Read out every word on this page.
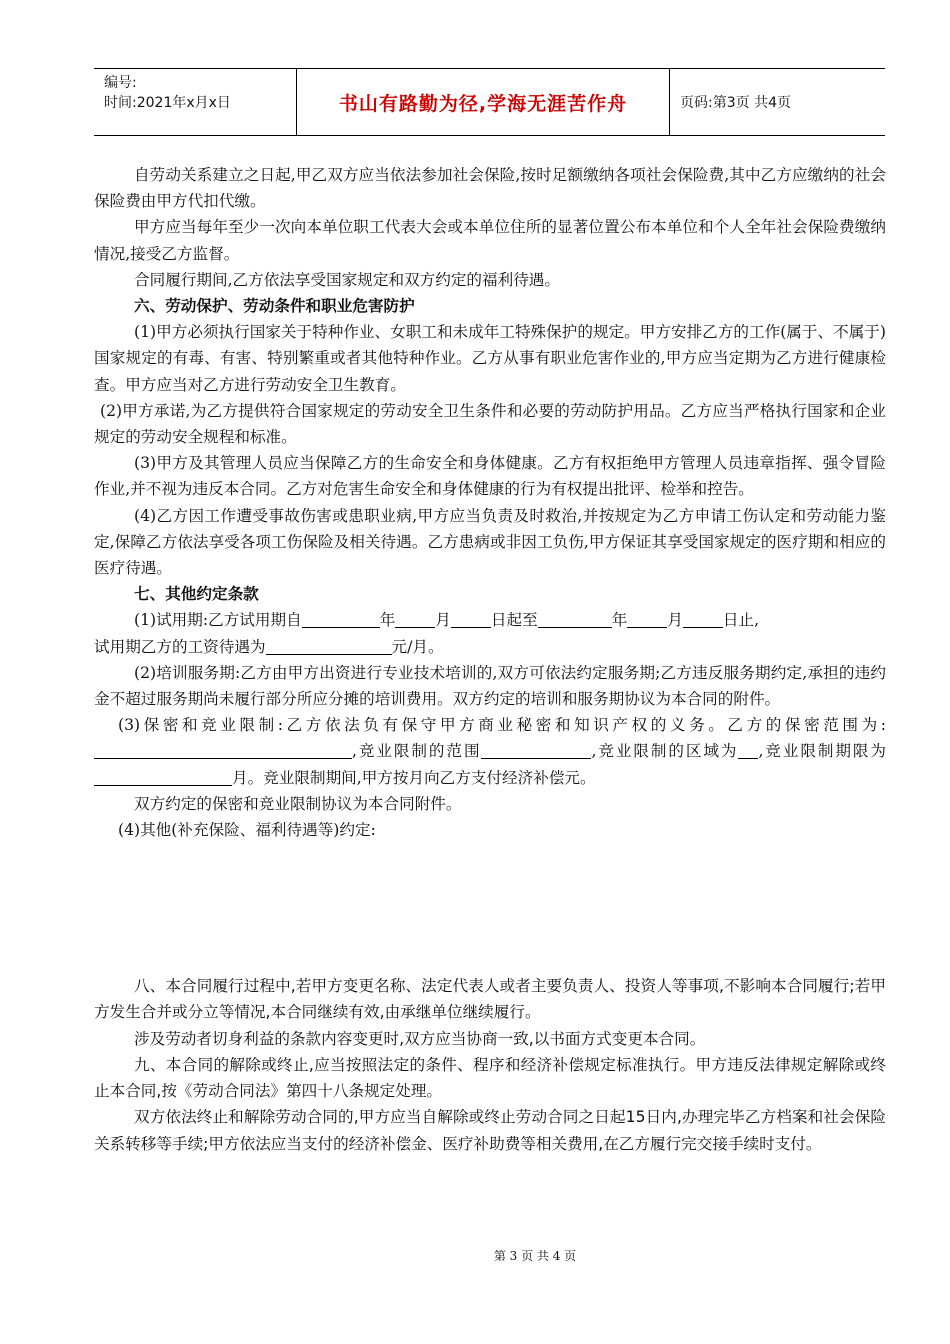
编号:
时间:2021年x月x日	书山有路勤为径,学海无涯苦作舟	页码:第3页 共4页

自劳动关系建立之日起,甲乙双方应当依法参加社会保险,按时足额缴纳各项社会保险费,其中乙方应缴纳的社会保险费由甲方代扣代缴。

甲方应当每年至少一次向本单位职工代表大会或本单位住所的显著位置公布本单位和个人全年社会保险费缴纳情况,接受乙方监督。

合同履行期间,乙方依法享受国家规定和双方约定的福利待遇。

六、劳动保护、劳动条件和职业危害防护

(1)甲方必须执行国家关于特种作业、女职工和未成年工特殊保护的规定。甲方安排乙方的工作(属于、不属于)国家规定的有毒、有害、特别繁重或者其他特种作业。乙方从事有职业危害作业的,甲方应当定期为乙方进行健康检查。甲方应当对乙方进行劳动安全卫生教育。

(2)甲方承诺,为乙方提供符合国家规定的劳动安全卫生条件和必要的劳动防护用品。乙方应当严格执行国家和企业规定的劳动安全规程和标准。

(3)甲方及其管理人员应当保障乙方的生命安全和身体健康。乙方有权拒绝甲方管理人员违章指挥、强令冒险作业,并不视为违反本合同。乙方对危害生命安全和身体健康的行为有权提出批评、检举和控告。

(4)乙方因工作遭受事故伤害或患职业病,甲方应当负责及时救治,并按规定为乙方申请工伤认定和劳动能力鉴定,保障乙方依法享受各项工伤保险及相关待遇。乙方患病或非因工负伤,甲方保证其享受国家规定的医疗期和相应的医疗待遇。

七、其他约定条款

(1)试用期:乙方试用期自	年	月	日起至	年	月	日止,
试用期乙方的工资待遇为	元/月。

(2)培训服务期:乙方由甲方出资进行专业技术培训的,双方可依法约定服务期;乙方违反服务期约定,承担的违约金不超过服务期尚未履行部分所应分摊的培训费用。双方约定的培训和服务期协议为本合同的附件。

(3)保密和竞业限制:乙方依法负有保守甲方商业秘密和知识产权的义务。乙方的保密范围为:,竞业限制的范围	,竞业限制的区域为 ,竞业限制期限为月。竞业限制期间,甲方按月向乙方支付经济补偿元。

双方约定的保密和竞业限制协议为本合同附件。

(4)其他(补充保险、福利待遇等)约定:

八、本合同履行过程中,若甲方变更名称、法定代表人或者主要负责人、投资人等事项,不影响本合同履行;若甲方发生合并或分立等情况,本合同继续有效,由承继单位继续履行。

涉及劳动者切身利益的条款内容变更时,双方应当协商一致,以书面方式变更本合同。

九、本合同的解除或终止,应当按照法定的条件、程序和经济补偿规定标准执行。甲方违反法律规定解除或终止本合同,按《劳动合同法》第四十八条规定处理。

双方依法终止和解除劳动合同的,甲方应当自解除或终止劳动合同之日起15日内,办理完毕乙方档案和社会保险关系转移等手续;甲方依法应当支付的经济补偿金、医疗补助费等相关费用,在乙方履行完交接手续时支付。

第 3 页 共 4 页
